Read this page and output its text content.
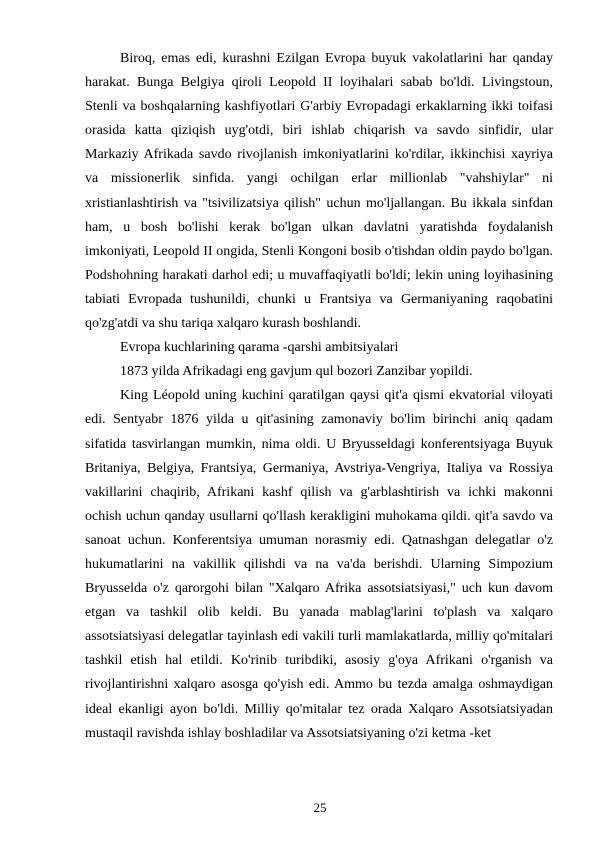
Biroq, emas edi, kurashni Ezilgan Evropa buyuk vakolatlarini har qanday harakat. Bunga Belgiya qiroli Leopold II loyihalari sabab bo'ldi. Livingstoun, Stenli va boshqalarning kashfiyotlari G'arbiy Evropadagi erkaklarning ikki toifasi orasida katta qiziqish uyg'otdi, biri ishlab chiqarish va savdo sinfidir, ular Markaziy Afrikada savdo rivojlanish imkoniyatlarini ko'rdilar, ikkinchisi xayriya va missionerlik sinfida. yangi ochilgan erlar millionlab "vahshiylar" ni xristianlashtirish va "tsivilizatsiya qilish" uchun mo'ljallangan. Bu ikkala sinfdan ham, u bosh bo'lishi kerak bo'lgan ulkan davlatni yaratishda foydalanish imkoniyati, Leopold II ongida, Stenli Kongoni bosib o'tishdan oldin paydo bo'lgan. Podshohning harakati darhol edi; u muvaffaqiyatli bo'ldi; lekin uning loyihasining tabiati Evropada tushunildi, chunki u Frantsiya va Germaniyaning raqobatini qo'zg'atdi va shu tariqa xalqaro kurash boshlandi.

Evropa kuchlarining qarama -qarshi ambitsiyalari

1873 yilda Afrikadagi eng gavjum qul bozori Zanzibar yopildi.

King Léopold uning kuchini qaratilgan qaysi qit'a qismi ekvatorial viloyati edi. Sentyabr 1876 yilda u qit'asining zamonaviy bo'lim birinchi aniq qadam sifatida tasvirlangan mumkin, nima oldi. U Bryusseldagi konferentsiyaga Buyuk Britaniya, Belgiya, Frantsiya, Germaniya, Avstriya-Vengriya, Italiya va Rossiya vakillarini chaqirib, Afrikani kashf qilish va g'arblashtirish va ichki makonni ochish uchun qanday usullarni qo'llash kerakligini muhokama qildi. qit'a savdo va sanoat uchun. Konferentsiya umuman norasmiy edi. Qatnashgan delegatlar o'z hukumatlarini na vakillik qilishdi va na va'da berishdi. Ularning Simpozium Bryusselda o'z qarorgohi bilan "Xalqaro Afrika assotsiatsiyasi," uch kun davom etgan va tashkil olib keldi. Bu yanada mablag'larini to'plash va xalqaro assotsiatsiyasi delegatlar tayinlash edi vakili turli mamlakatlarda, milliy qo'mitalari tashkil etish hal etildi. Ko'rinib turibdiki, asosiy g'oya Afrikani o'rganish va rivojlantirishni xalqaro asosga qo'yish edi. Ammo bu tezda amalga oshmaydigan ideal ekanligi ayon bo'ldi. Milliy qo'mitalar tez orada Xalqaro Assotsiatsiyadan mustaqil ravishda ishlay boshladilar va Assotsiatsiyaning o'zi ketma -ket

25
